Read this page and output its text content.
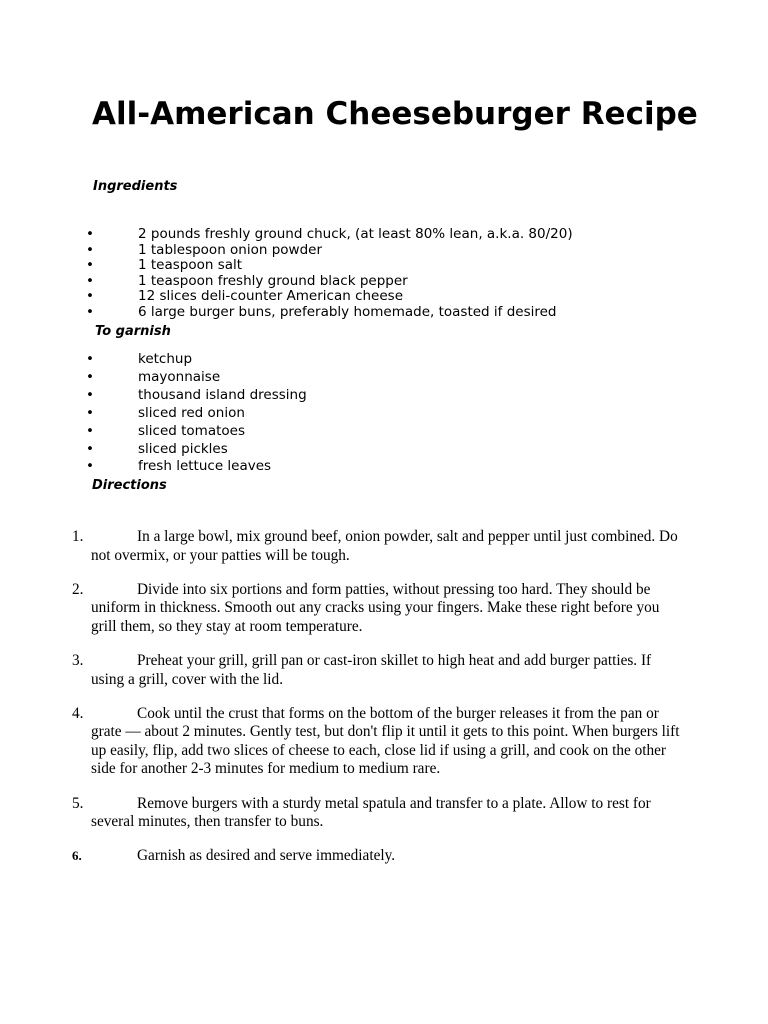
All-American Cheeseburger Recipe
Ingredients
• 2 pounds freshly ground chuck, (at least 80% lean, a.k.a. 80/20)
• 1 tablespoon onion powder
• 1 teaspoon salt
• 1 teaspoon freshly ground black pepper
• 12 slices deli-counter American cheese
• 6 large burger buns, preferably homemade, toasted if desired
To garnish
• ketchup
• mayonnaise
• thousand island dressing
• sliced red onion
• sliced tomatoes
• sliced pickles
• fresh lettuce leaves
Directions
1.	In a large bowl, mix ground beef, onion powder, salt and pepper until just combined. Do not overmix, or your patties will be tough.
2.	Divide into six portions and form patties, without pressing too hard. They should be uniform in thickness. Smooth out any cracks using your fingers. Make these right before you grill them, so they stay at room temperature.
3.	Preheat your grill, grill pan or cast-iron skillet to high heat and add burger patties. If using a grill, cover with the lid.
4.	Cook until the crust that forms on the bottom of the burger releases it from the pan or grate — about 2 minutes. Gently test, but don't flip it until it gets to this point. When burgers lift up easily, flip, add two slices of cheese to each, close lid if using a grill, and cook on the other side for another 2-3 minutes for medium to medium rare.
5.	Remove burgers with a sturdy metal spatula and transfer to a plate. Allow to rest for several minutes, then transfer to buns.
6.	Garnish as desired and serve immediately.
